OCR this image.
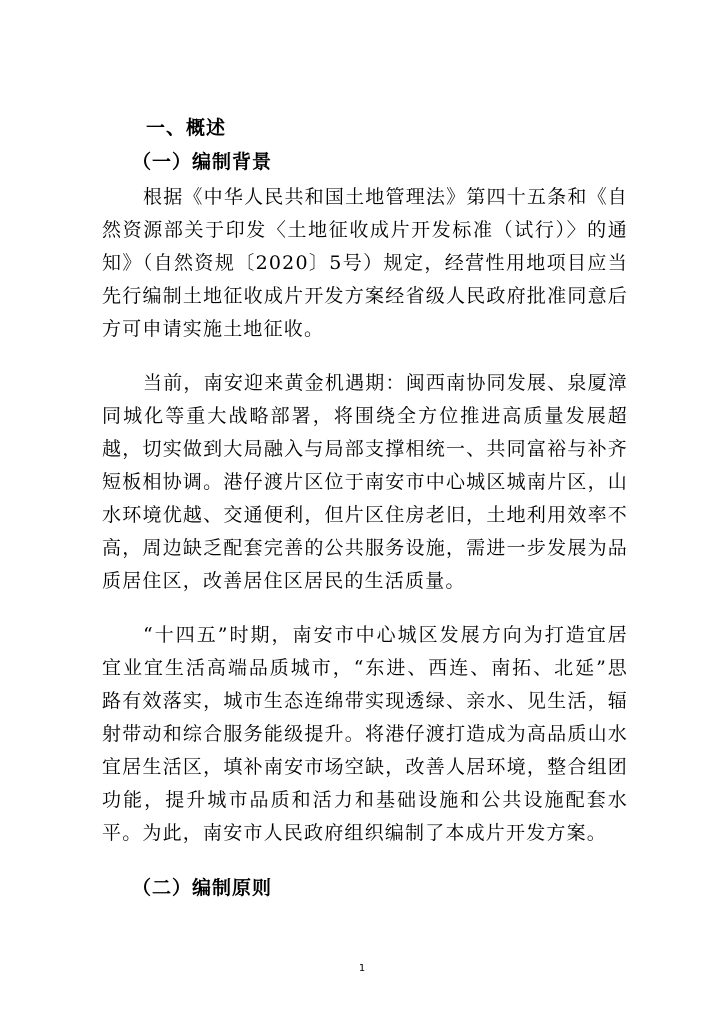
一、概述
（一）编制背景

根据《中华人民共和国土地管理法》第四十五条和《自然资源部关于印发〈土地征收成片开发标准（试行）〉的通知》（自然资规〔2020〕5号）规定，经营性用地项目应当先行编制土地征收成片开发方案经省级人民政府批准同意后方可申请实施土地征收。

当前，南安迎来黄金机遇期：闽西南协同发展、泉厦漳同城化等重大战略部署，将围绕全方位推进高质量发展超越，切实做到大局融入与局部支撑相统一、共同富裕与补齐短板相协调。港仔渡片区位于南安市中心城区城南片区，山水环境优越、交通便利，但片区住房老旧，土地利用效率不高，周边缺乏配套完善的公共服务设施，需进一步发展为品质居住区，改善居住区居民的生活质量。

“十四五”时期，南安市中心城区发展方向为打造宜居宜业宜生活高端品质城市，“东进、西连、南拓、北延”思路有效落实，城市生态连绵带实现透绿、亲水、见生活，辐射带动和综合服务能级提升。将港仔渡打造成为高品质山水宜居生活区，填补南安市场空缺，改善人居环境，整合组团功能，提升城市品质和活力和基础设施和公共设施配套水平。为此，南安市人民政府组织编制了本成片开发方案。

（二）编制原则
1
